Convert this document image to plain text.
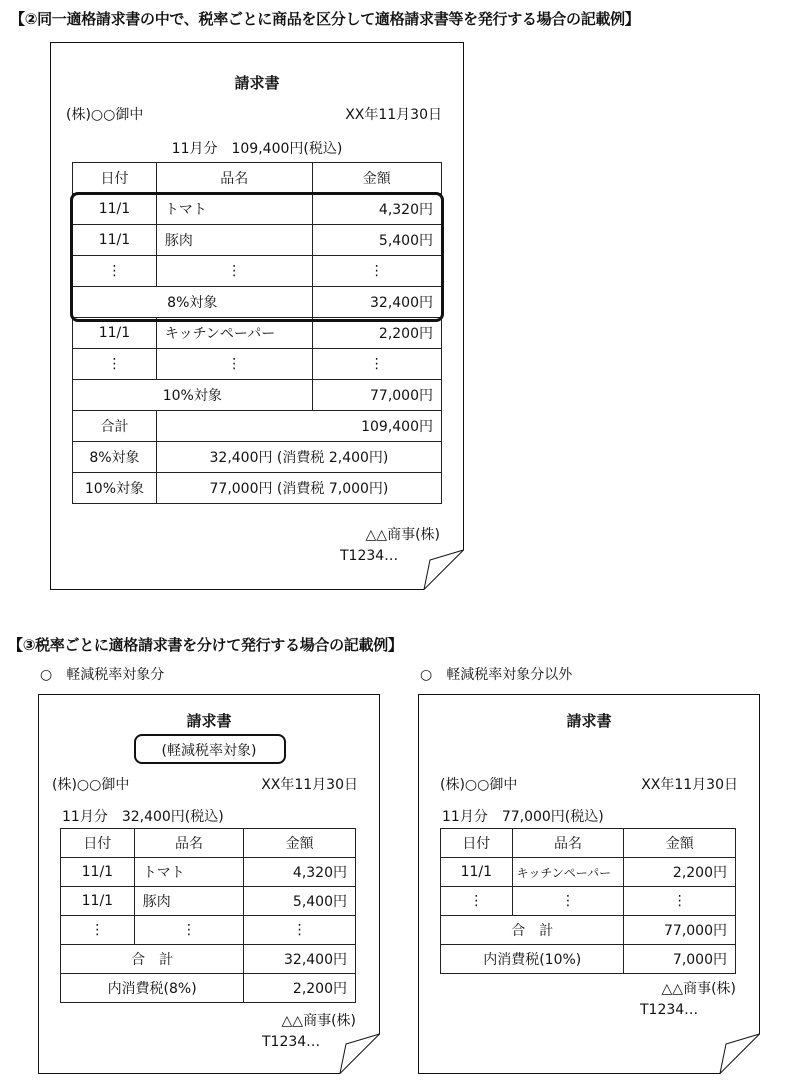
【②同一適格請求書の中で、税率ごとに商品を区分して適格請求書等を発行する場合の記載例】
請求書
(株)○○御中	XX年11月30日
11月分　109,400円(税込)
日付	品名	金額
11/1	トマト	4,320円
11/1	豚肉	5,400円
⋮	⋮	⋮
8%対象		32,400円
11/1	キッチンペーパー	2,200円
⋮	⋮	⋮
10%対象		77,000円
合計	109,400円	
8%対象	32,400円 (消費税 2,400円)	
10%対象	77,000円 (消費税 7,000円)	
△△商事(株)
T1234…
【③税率ごとに適格請求書を分けて発行する場合の記載例】
○　軽減税率対象分	○　軽減税率対象分以外
請求書
(軽減税率対象)
(株)○○御中	XX年11月30日
11月分　32,400円(税込)
日付	品名	金額
11/1	トマト	4,320円
11/1	豚肉	5,400円
⋮	⋮	⋮
合　計		32,400円
内消費税(8%)		2,200円
△△商事(株)
T1234…
請求書
(株)○○御中	XX年11月30日
11月分　77,000円(税込)
日付	品名	金額
11/1	キッチンペーパー	2,200円
⋮	⋮	⋮
合　計		77,000円
内消費税(10%)		7,000円
△△商事(株)
T1234…
